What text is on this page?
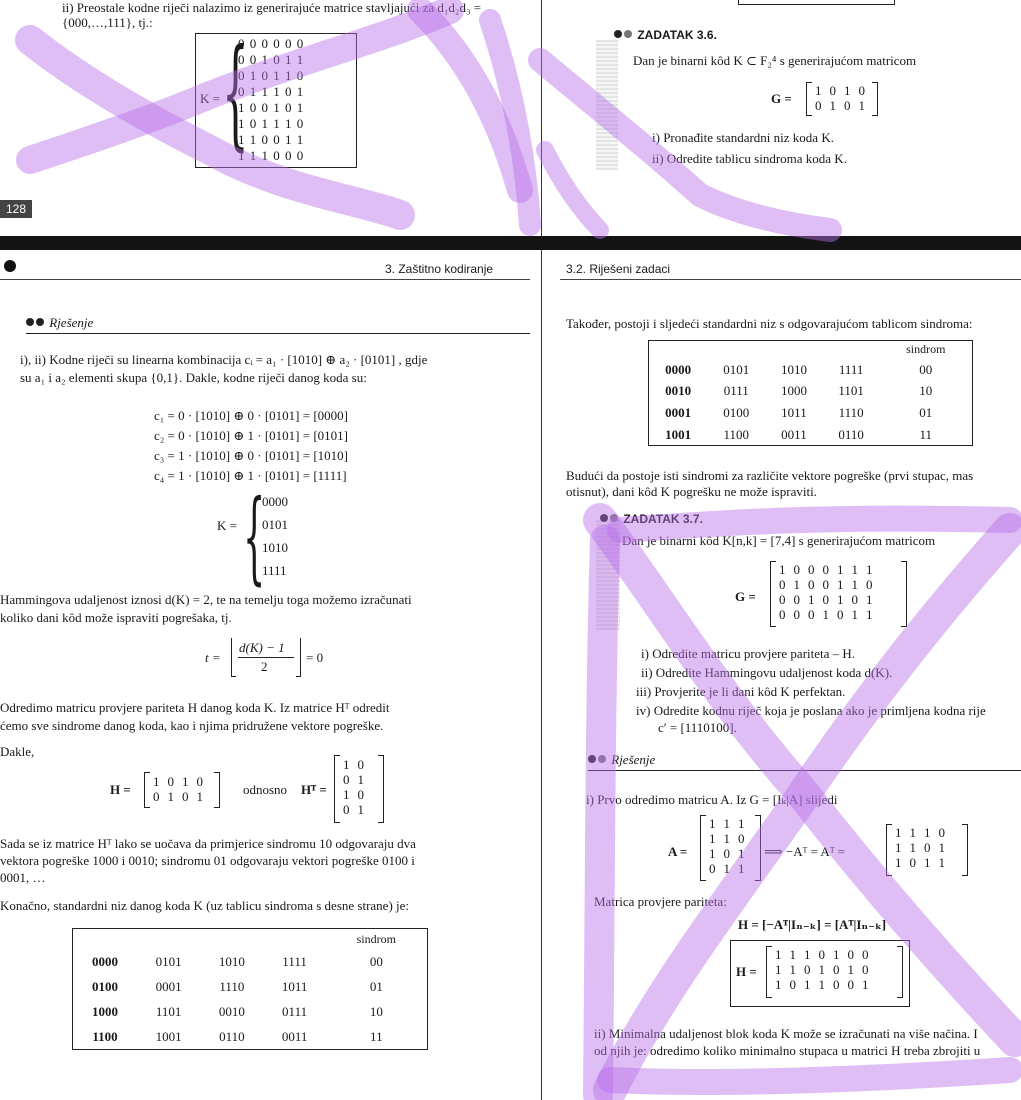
ii) Preostale kodne riječi nalazimo iz generirajuće matrice stavljajući za d₁d₂d₃ =
{000,…,111}, tj.:
K = {
0 0 0 0 0 0
0 0 1 0 1 1
0 1 0 1 1 0
0 1 1 1 0 1
1 0 0 1 0 1
1 0 1 1 1 0
1 1 0 0 1 1
1 1 1 0 0 0
128
ZADATAK 3.6.
Dan je binarni kôd K ⊂ F₂⁴ s generirajućom matricom
G =
1	0	1	0
0	1	0	1
i) Pronađite standardni niz koda K.
ii) Odredite tablicu sindroma koda K.
3. Zaštitno kodiranje
Rješenje
i), ii) Kodne riječi su linearna kombinacija cᵢ = a₁ · [1010] ⊕ a₂ · [0101] , gdje
su a₁ i a₂ elementi skupa {0,1}. Dakle, kodne riječi danog koda su:
c₁ = 0 · [1010] ⊕ 0 · [0101] = [0000]
c₂ = 0 · [1010] ⊕ 1 · [0101] = [0101]
c₃ = 1 · [1010] ⊕ 0 · [0101] = [1010]
c₄ = 1 · [1010] ⊕ 1 · [0101] = [1111]
K = {
0000
0101
1010
1111
Hammingova udaljenost iznosi d(K) = 2, te na temelju toga možemo izračunati
koliko dani kôd može ispraviti pogrešaka, tj.
t =
d(K) − 1
2
= 0
Odredimo matricu provjere pariteta H danog koda K. Iz matrice Hᵀ odredit
ćemo sve sindrome danog koda, kao i njima pridružene vektore pogreške.
Dakle,
H =
1	0	1	0
0	1	0	1	odnosno Hᵀ =
1	0
0	1
1	0
0	1
Sada se iz matrice Hᵀ lako se uočava da primjerice sindromu 10 odgovaraju dva
vektora pogreške 1000 i 0010; sindromu 01 odgovaraju vektori pogreške 0100 i
0001, …
Konačno, standardni niz danog koda K (uz tablicu sindroma s desne strane) je:
				sindrom
0000	0101	1010	1111	00
0100	0001	1110	1011	01
1000	1101	0010	0111	10
1100	1001	0110	0011	11
3.2. Riješeni zadaci
Također, postoji i sljedeći standardni niz s odgovarajućom tablicom sindroma:
				sindrom
0000	0101	1010	1111	00
0010	0111	1000	1101	10
0001	0100	1011	1110	01
1001	1100	0011	0110	11
Budući da postoje isti sindromi za različite vektore pogreške (prvi stupac, mas
otisnut), dani kôd K pogrešku ne može ispraviti.
ZADATAK 3.7.
Dan je binarni kôd K[n,k] = [7,4] s generirajućom matricom
G =
1	0	0	0	1	1	1
0	1	0	0	1	1	0
0	0	1	0	1	0	1
0	0	0	1	0	1	1
i) Odredite matricu provjere pariteta – H.
ii) Odredite Hammingovu udaljenost koda d(K).
iii) Provjerite je li dani kôd K perfektan.
iv) Odredite kodnu riječ koja je poslana ako je primljena kodna rije
c′ = [1110100].
Rješenje
i) Prvo odredimo matricu A. Iz G = [Iₖ|A] slijedi
A =
1	1	1
1	1	0
1	0	1
0	1	1
⟹ −Aᵀ = Aᵀ =
1	1	1	0
1	1	0	1
1	0	1	1
Matrica provjere pariteta:
H = [−Aᵀ|Iₙ₋ₖ] = [Aᵀ|Iₙ₋ₖ]
H =
1	1	1	0	1	0	0
1	1	0	1	0	1	0
1	0	1	1	0	0	1
ii) Minimalna udaljenost blok koda K može se izračunati na više načina. I
od njih je: odredimo koliko minimalno stupaca u matrici H treba zbrojiti u
